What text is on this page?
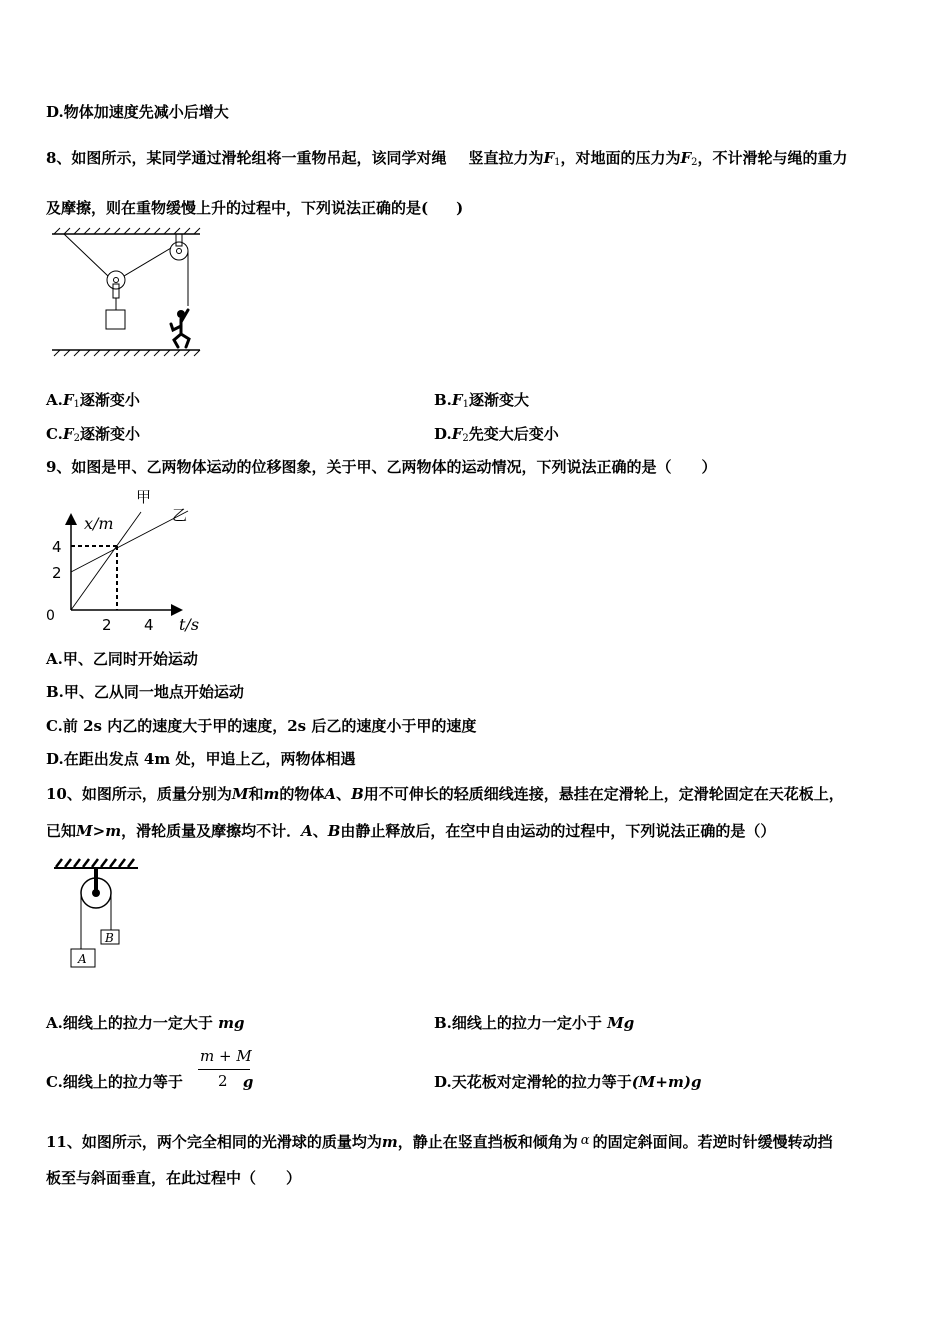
D.物体加速度先减小后增大
8、如图所示，某同学通过滑轮组将一重物吊起，该同学对绳 竖直拉力为$F_1$，对地面的压力为$F_2$，不计滑轮与绳的重力
及摩擦，则在重物缓慢上升的过程中，下列说法正确的是( )
$A.F_1$逐渐变小	$B.F_1$逐渐变大
$C.F_2$逐渐变小	$D.F_2$先变大后变小
9、如图是甲、乙两物体运动的位移图象，关于甲、乙两物体的运动情况，下列说法正确的是（　　）
x/m
甲
乙
4
2
0	2 4 t/s
A.甲、乙同时开始运动
B.甲、乙从同一地点开始运动
C.前 2s 内乙的速度大于甲的速度，2s 后乙的速度小于甲的速度
D.在距出发点 4m 处，甲追上乙，两物体相遇
10、如图所示，质量分别为M和m的物体A、B用不可伸长的轻质细线连接，悬挂在定滑轮上，定滑轮固定在天花板上，
已知M>m，滑轮质量及摩擦均不计．A、B由静止释放后，在空中自由运动的过程中，下列说法正确的是（）
B
A
A.细线上的拉力一定大于 mg	B.细线上的拉力一定小于 Mg
m + M
2
C.细线上的拉力等于	g	D.天花板对定滑轮的拉力等于(M+m)g
11、如图所示，两个完全相同的光滑球的质量均为m，静止在竖直挡板和倾角为 α 的固定斜面间。若逆时针缓慢转动挡
板至与斜面垂直，在此过程中（　　）
